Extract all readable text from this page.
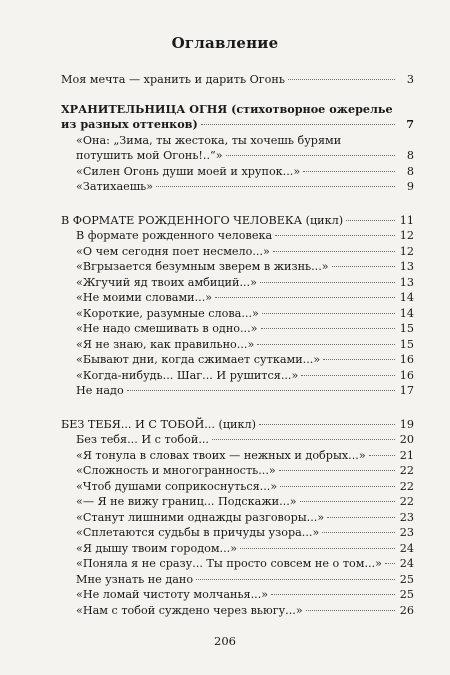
Оглавление
Моя мечта — хранить и дарить Огонь	3
ХРАНИТЕЛЬНИЦА ОГНЯ (стихотворное ожерелье
из разных оттенков)	7
«Она: „Зима, ты жестока, ты хочешь бурями
потушить мой Огонь!..“»	8
«Силен Огонь души моей и хрупок...»	8
«Затихаешь»	9
В ФОРМАТЕ РОЖДЕННОГО ЧЕЛОВЕКА (цикл)	11
В формате рожденного человека	12
«О чем сегодня поет несмело...»	12
«Вгрызается безумным зверем в жизнь...»	13
«Жгучий яд твоих амбиций...»	13
«Не моими словами...»	14
«Короткие, разумные слова...»	14
«Не надо смешивать в одно...»	15
«Я не знаю, как правильно...»	15
«Бывают дни, когда сжимает сутками...»	16
«Когда-нибудь... Шаг... И рушится...»	16
Не надо	17
БЕЗ ТЕБЯ... И С ТОБОЙ... (цикл)	19
Без тебя... И с тобой...	20
«Я тонула в словах твоих — нежных и добрых...»	21
«Сложность и многогранность...»	22
«Чтоб душами соприкоснуться...»	22
«— Я не вижу границ... Подскажи...»	22
«Станут лишними однажды разговоры...»	23
«Сплетаются судьбы в причуды узора...»	23
«Я дышу твоим городом...»	24
«Поняла я не сразу... Ты просто совсем не о том...» 24
Мне узнать не дано	25
«Не ломай чистоту молчанья...»	25
«Нам с тобой суждено через вьюгу...»	26
206
